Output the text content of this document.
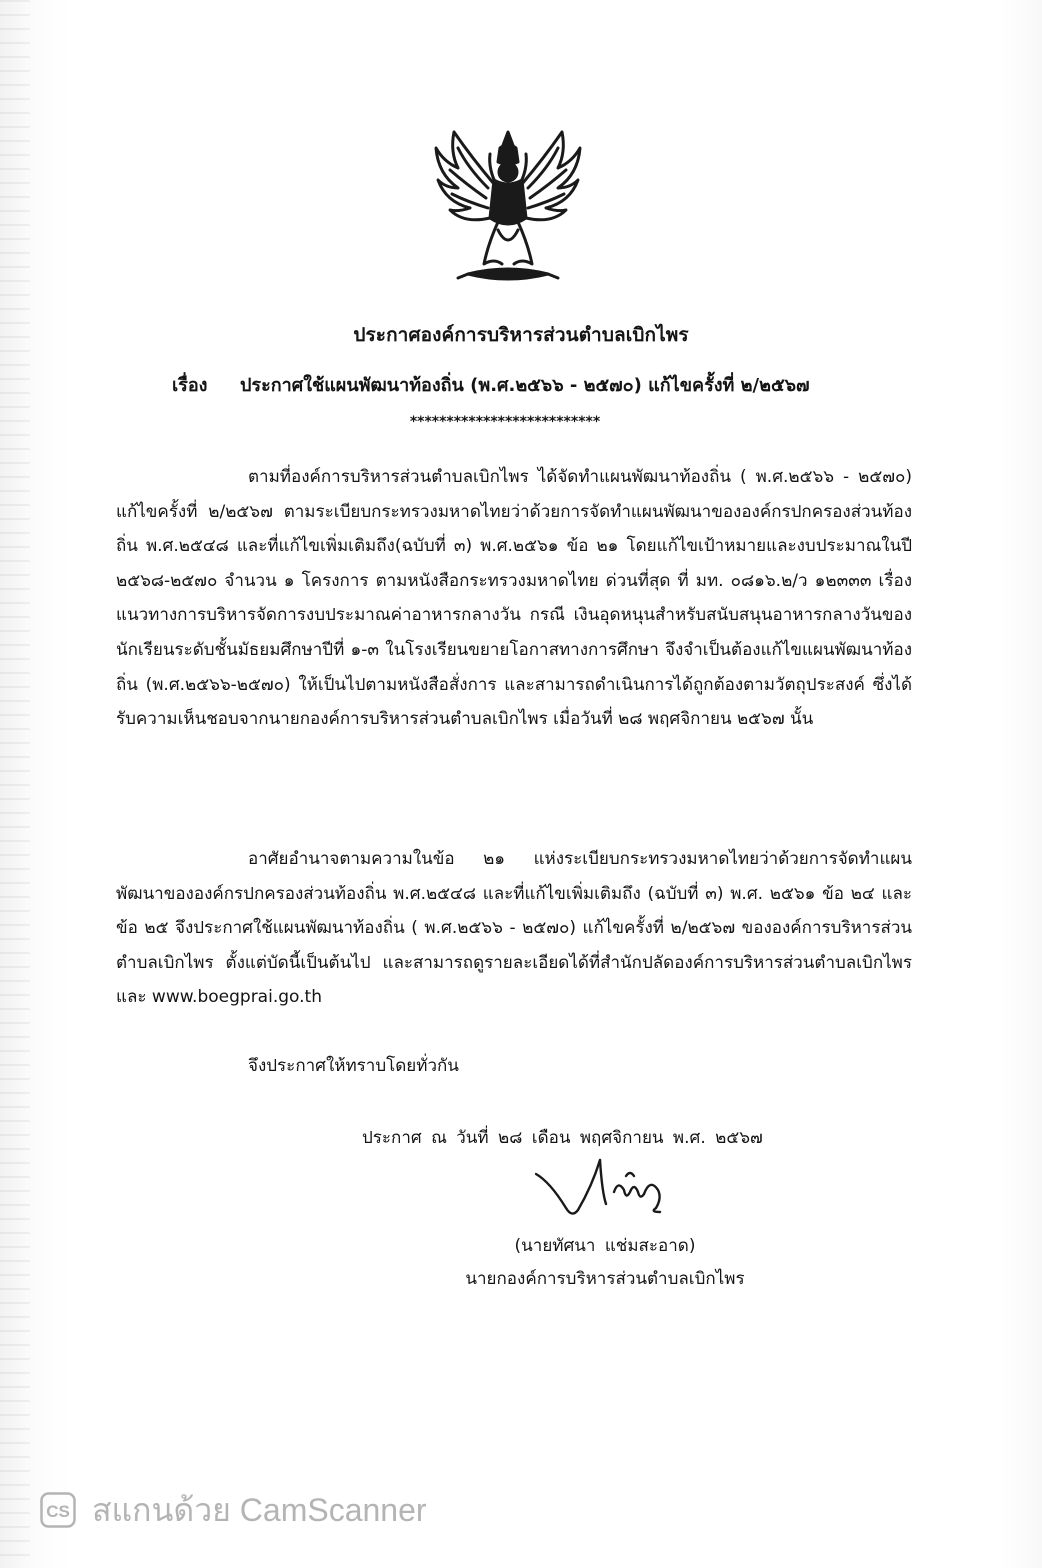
ประกาศองค์การบริหารส่วนตำบลเบิกไพร
เรื่อง ประกาศใช้แผนพัฒนาท้องถิ่น (พ.ศ.๒๕๖๖ - ๒๕๗๐) แก้ไขครั้งที่ ๒/๒๕๖๗
**************************

ตามที่องค์การบริหารส่วนตำบลเบิกไพร ได้จัดทำแผนพัฒนาท้องถิ่น ( พ.ศ.๒๕๖๖ - ๒๕๗๐) แก้ไขครั้งที่ ๒/๒๕๖๗ ตามระเบียบกระทรวงมหาดไทยว่าด้วยการจัดทำแผนพัฒนาขององค์กรปกครองส่วนท้องถิ่น พ.ศ.๒๕๔๘ และที่แก้ไขเพิ่มเติมถึง(ฉบับที่ ๓) พ.ศ.๒๕๖๑ ข้อ ๒๑ โดยแก้ไขเป้าหมายและงบประมาณในปี ๒๕๖๘-๒๕๗๐ จำนวน ๑ โครงการ ตามหนังสือกระทรวงมหาดไทย ด่วนที่สุด ที่ มท. ๐๘๑๖.๒/ว ๑๒๓๓๓ เรื่อง แนวทางการบริหารจัดการงบประมาณค่าอาหารกลางวัน กรณี เงินอุดหนุนสำหรับสนับสนุนอาหารกลางวันของนักเรียนระดับชั้นมัธยมศึกษาปีที่ ๑-๓ ในโรงเรียนขยายโอกาสทางการศึกษา จึงจำเป็นต้องแก้ไขแผนพัฒนาท้องถิ่น (พ.ศ.๒๕๖๖-๒๕๗๐) ให้เป็นไปตามหนังสือสั่งการ และสามารถดำเนินการได้ถูกต้องตามวัตถุประสงค์ ซึ่งได้รับความเห็นชอบจากนายกองค์การบริหารส่วนตำบลเบิกไพร เมื่อวันที่ ๒๘ พฤศจิกายน ๒๕๖๗ นั้น

อาศัยอำนาจตามความในข้อ ๒๑ แห่งระเบียบกระทรวงมหาดไทยว่าด้วยการจัดทำแผนพัฒนาขององค์กรปกครองส่วนท้องถิ่น พ.ศ.๒๕๔๘ และที่แก้ไขเพิ่มเติมถึง (ฉบับที่ ๓) พ.ศ. ๒๕๖๑ ข้อ ๒๔ และข้อ ๒๕ จึงประกาศใช้แผนพัฒนาท้องถิ่น ( พ.ศ.๒๕๖๖ - ๒๕๗๐) แก้ไขครั้งที่ ๒/๒๕๖๗ ขององค์การบริหารส่วนตำบลเบิกไพร ตั้งแต่บัดนี้เป็นต้นไป และสามารถดูรายละเอียดได้ที่สำนักปลัดองค์การบริหารส่วนตำบลเบิกไพร และ www.boegprai.go.th

จึงประกาศให้ทราบโดยทั่วกัน
ประกาศ ณ วันที่ ๒๘ เดือน พฤศจิกายน พ.ศ. ๒๕๖๗
(นายทัศนา แช่มสะอาด)
นายกองค์การบริหารส่วนตำบลเบิกไพร
CS สแกนด้วย CamScanner
